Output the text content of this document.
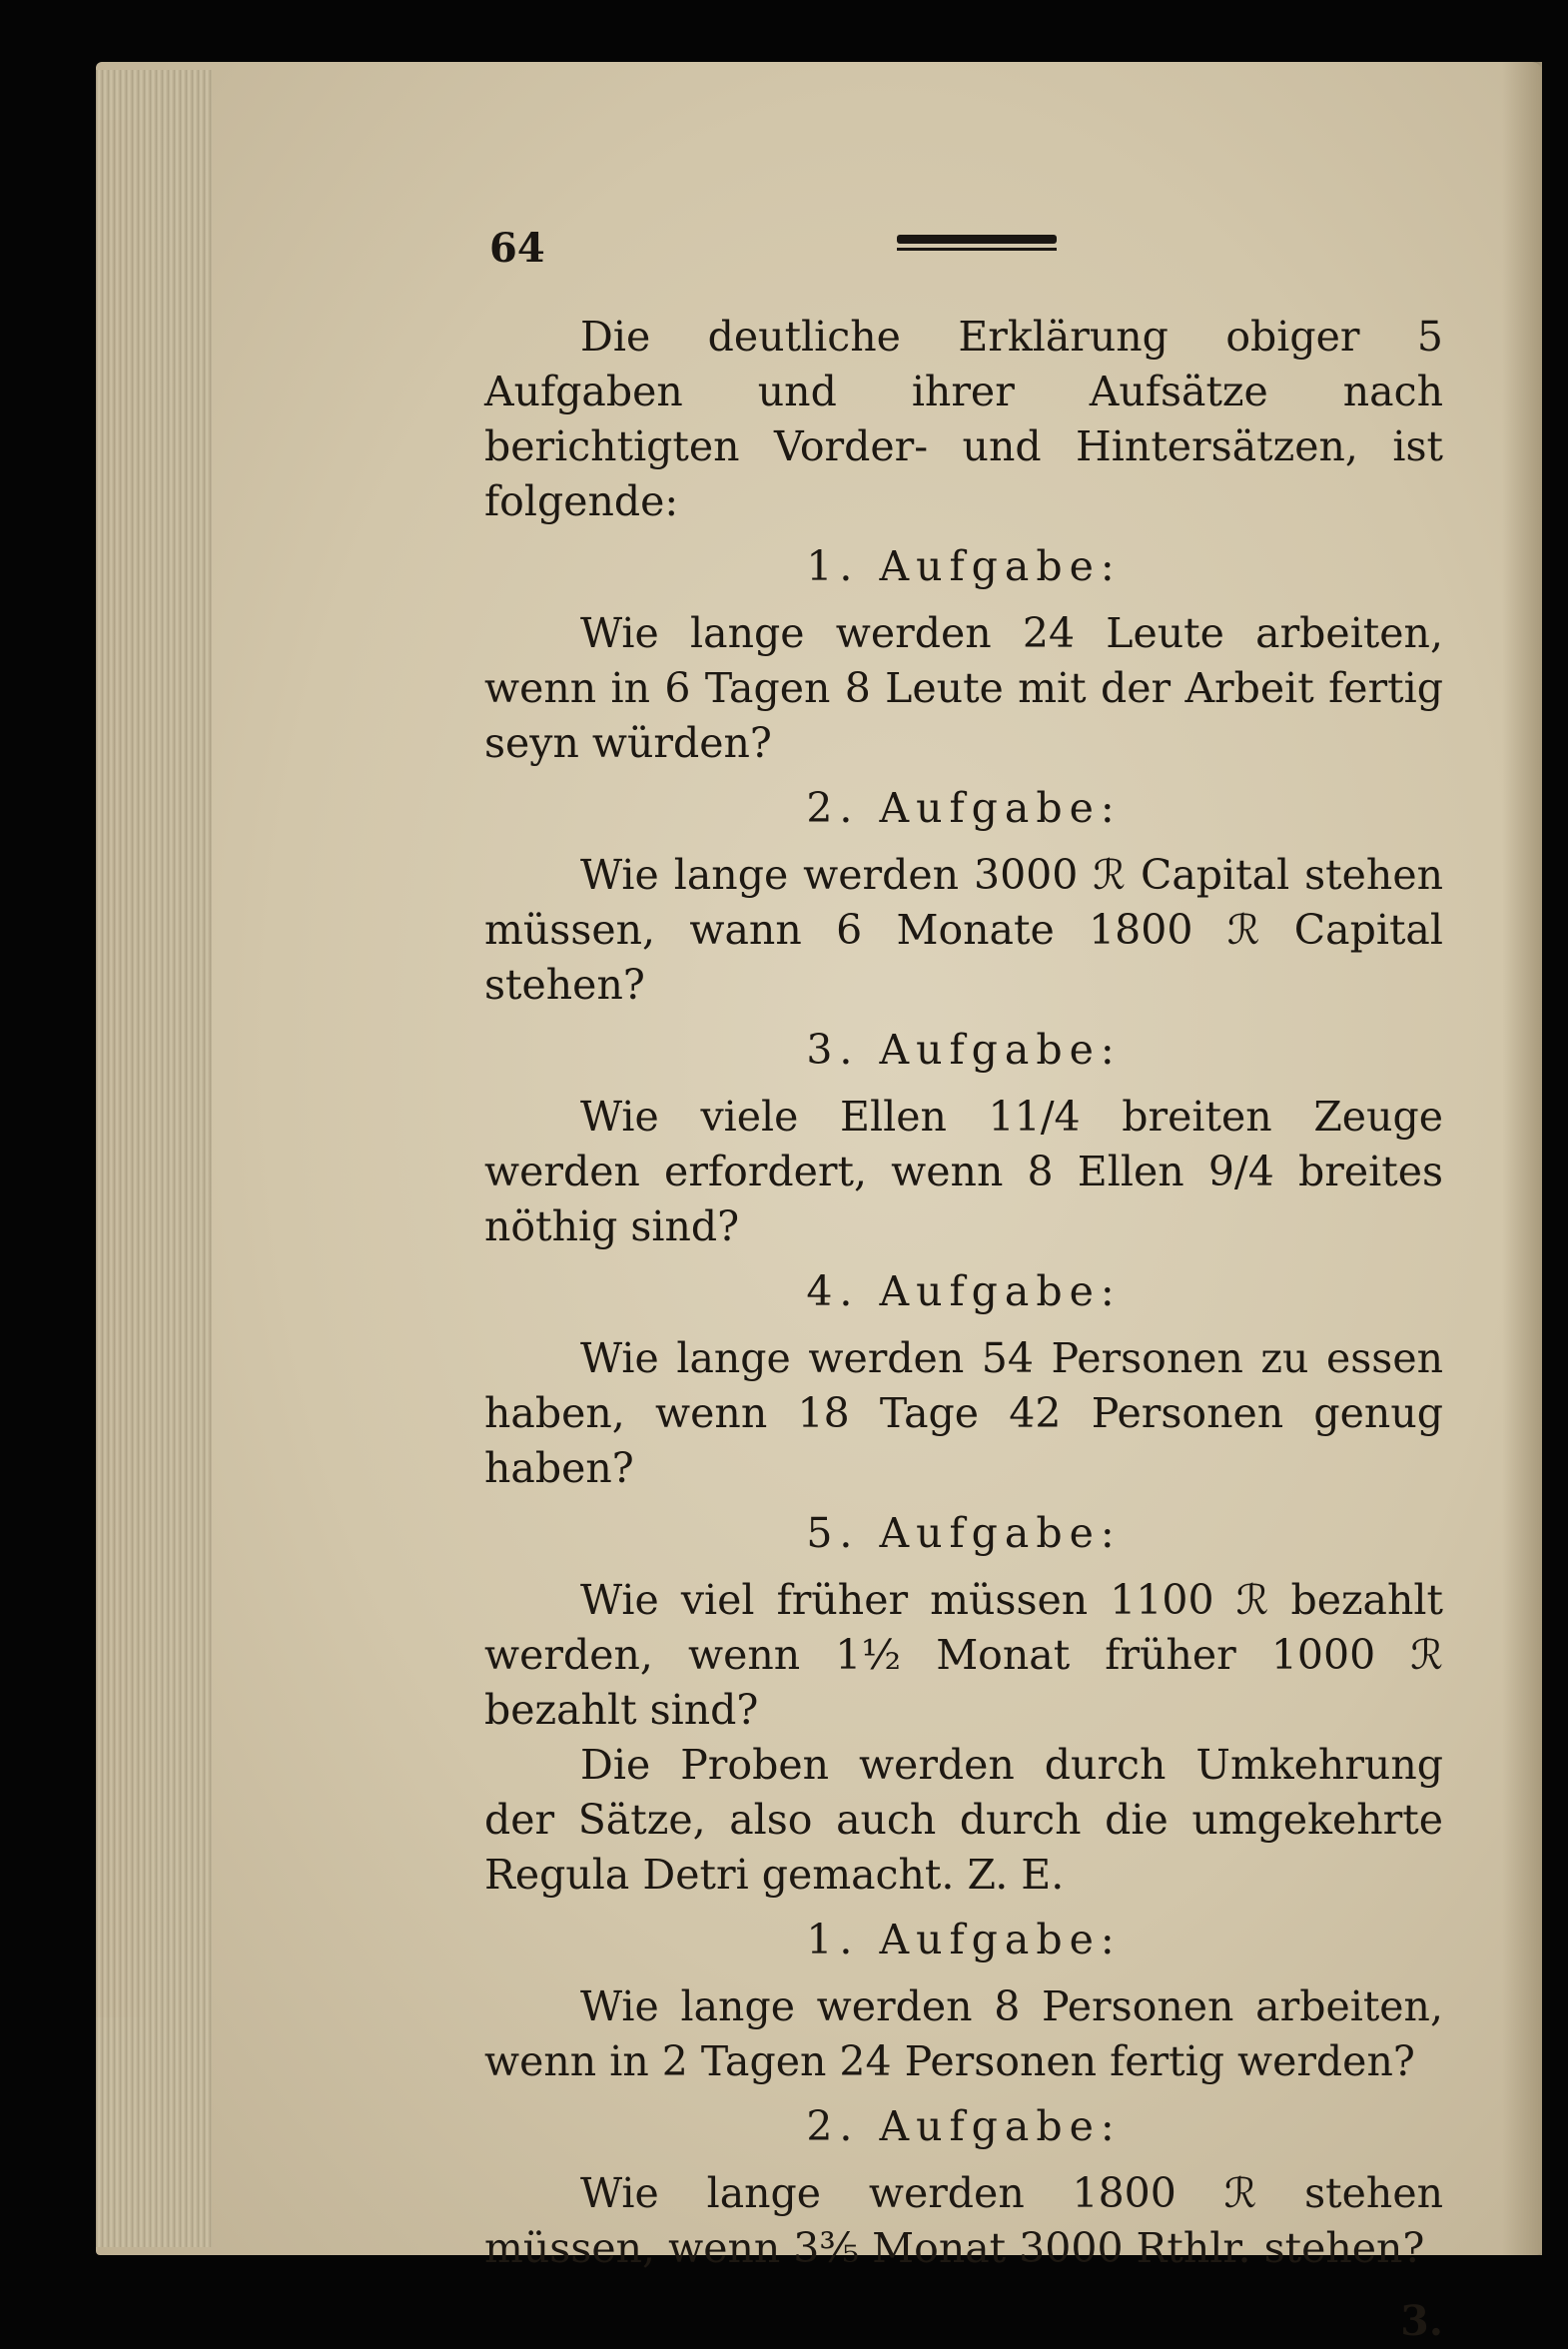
64

Die deutliche Erklärung obiger 5 Aufgaben und ihrer Aufsätze nach berichtigten Vorder- und Hintersätzen, ist folgende:

1. Aufgabe:

Wie lange werden 24 Leute arbeiten, wenn in 6 Tagen 8 Leute mit der Arbeit fertig seyn würden?

2. Aufgabe:

Wie lange werden 3000 ℛ Capital stehen müssen, wann 6 Monate 1800 ℛ Capital stehen?

3. Aufgabe:

Wie viele Ellen 11/4 breiten Zeuge werden erfordert, wenn 8 Ellen 9/4 breites nöthig sind?

4. Aufgabe:

Wie lange werden 54 Personen zu essen haben, wenn 18 Tage 42 Personen genug haben?

5. Aufgabe:

Wie viel früher müssen 1100 ℛ bezahlt werden, wenn 1½ Monat früher 1000 ℛ bezahlt sind?

Die Proben werden durch Umkehrung der Sätze, also auch durch die umgekehrte Regula Detri gemacht. Z. E.

1. Aufgabe:

Wie lange werden 8 Personen arbeiten, wenn in 2 Tagen 24 Personen fertig werden?

2. Aufgabe:

Wie lange werden 1800 ℛ stehen müssen, wenn 3⅗ Monat 3000 Rthlr. stehen?

3.
